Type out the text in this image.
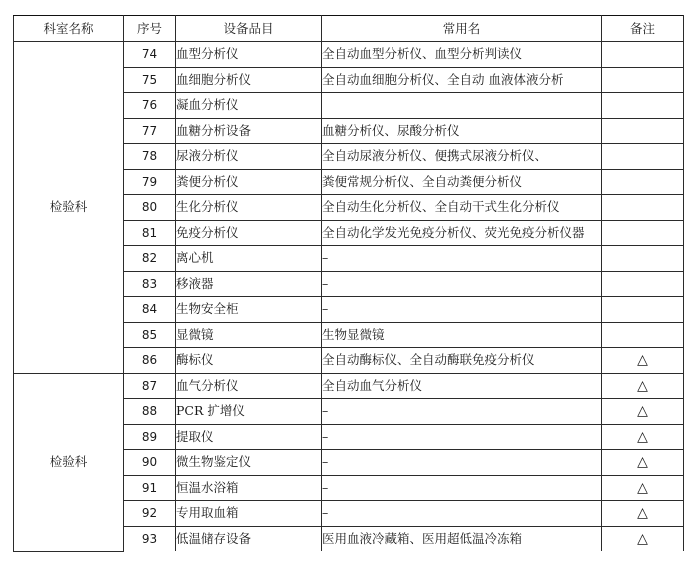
科室名称	序号	设备品目	常用名	备注
检验科	74	血型分析仪	全自动血型分析仪、血型分析判读仪	
	75	血细胞分析仪	全自动血细胞分析仪、全自动 血液体液分析	
	76	凝血分析仪		
	77	血糖分析设备	血糖分析仪、尿酸分析仪	
	78	尿液分析仪	全自动尿液分析仪、便携式尿液分析仪、	
	79	粪便分析仪	粪便常规分析仪、全自动粪便分析仪	
	80	生化分析仪	全自动生化分析仪、全自动干式生化分析仪	
	81	免疫分析仪	全自动化学发光免疫分析仪、荧光免疫分析仪器	
	82	离心机	–	
	83	移液器	–	
	84	生物安全柜	–	
	85	显微镜	生物显微镜	
	86	酶标仪	全自动酶标仪、全自动酶联免疫分析仪	△
检验科	87	血气分析仪	全自动血气分析仪	△
	88	PCR 扩增仪	–	△
	89	提取仪	–	△
	90	微生物鉴定仪	–	△
	91	恒温水浴箱	–	△
	92	专用取血箱	–	△
	93	低温储存设备	医用血液冷藏箱、医用超低温冷冻箱	△
